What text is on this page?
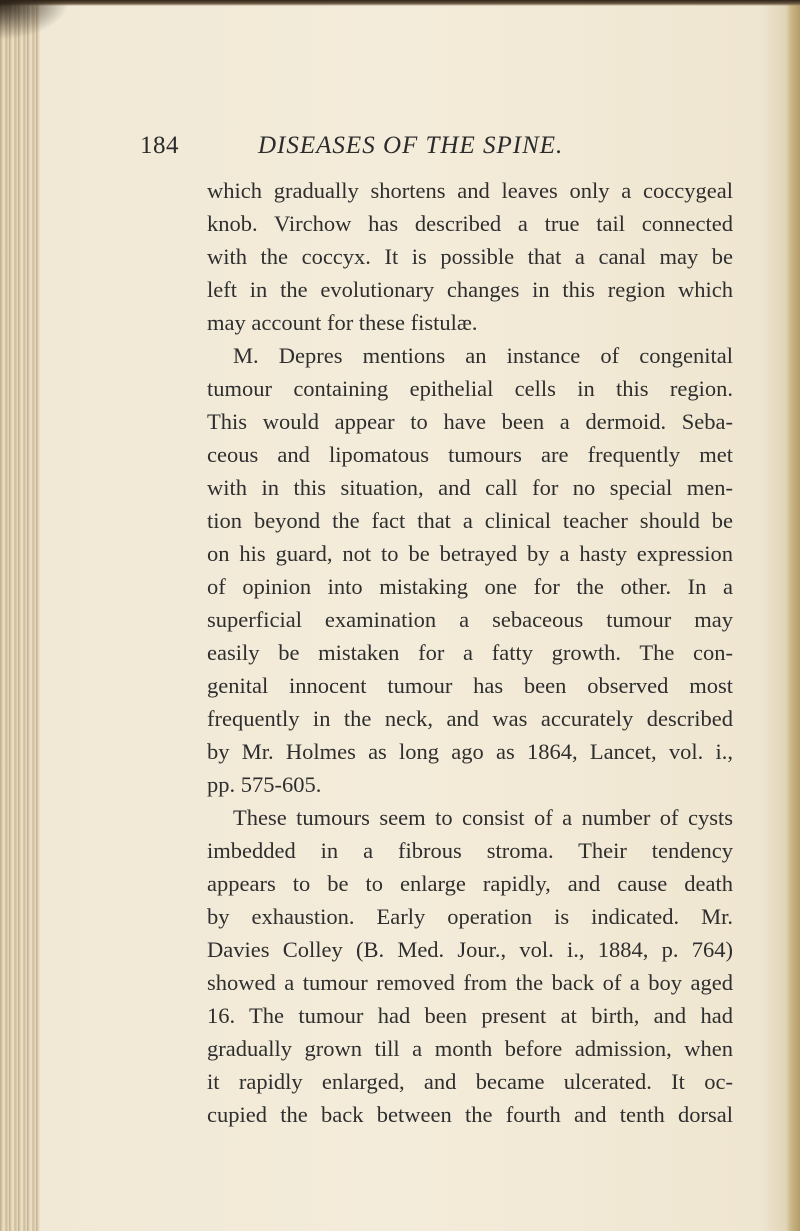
184	DISEASES OF THE SPINE.
which gradually shortens and leaves only a coccygeal
knob. Virchow has described a true tail connected
with the coccyx. It is possible that a canal may be
left in the evolutionary changes in this region which
may account for these fistulæ.
M. Depres mentions an instance of congenital
tumour containing epithelial cells in this region.
This would appear to have been a dermoid. Seba-
ceous and lipomatous tumours are frequently met
with in this situation, and call for no special men-
tion beyond the fact that a clinical teacher should be
on his guard, not to be betrayed by a hasty expression
of opinion into mistaking one for the other. In a
superficial examination a sebaceous tumour may
easily be mistaken for a fatty growth. The con-
genital innocent tumour has been observed most
frequently in the neck, and was accurately described
by Mr. Holmes as long ago as 1864, Lancet, vol. i.,
pp. 575-605.
These tumours seem to consist of a number of cysts
imbedded in a fibrous stroma. Their tendency
appears to be to enlarge rapidly, and cause death
by exhaustion. Early operation is indicated. Mr.
Davies Colley (B. Med. Jour., vol. i., 1884, p. 764)
showed a tumour removed from the back of a boy aged
16. The tumour had been present at birth, and had
gradually grown till a month before admission, when
it rapidly enlarged, and became ulcerated. It oc-
cupied the back between the fourth and tenth dorsal
